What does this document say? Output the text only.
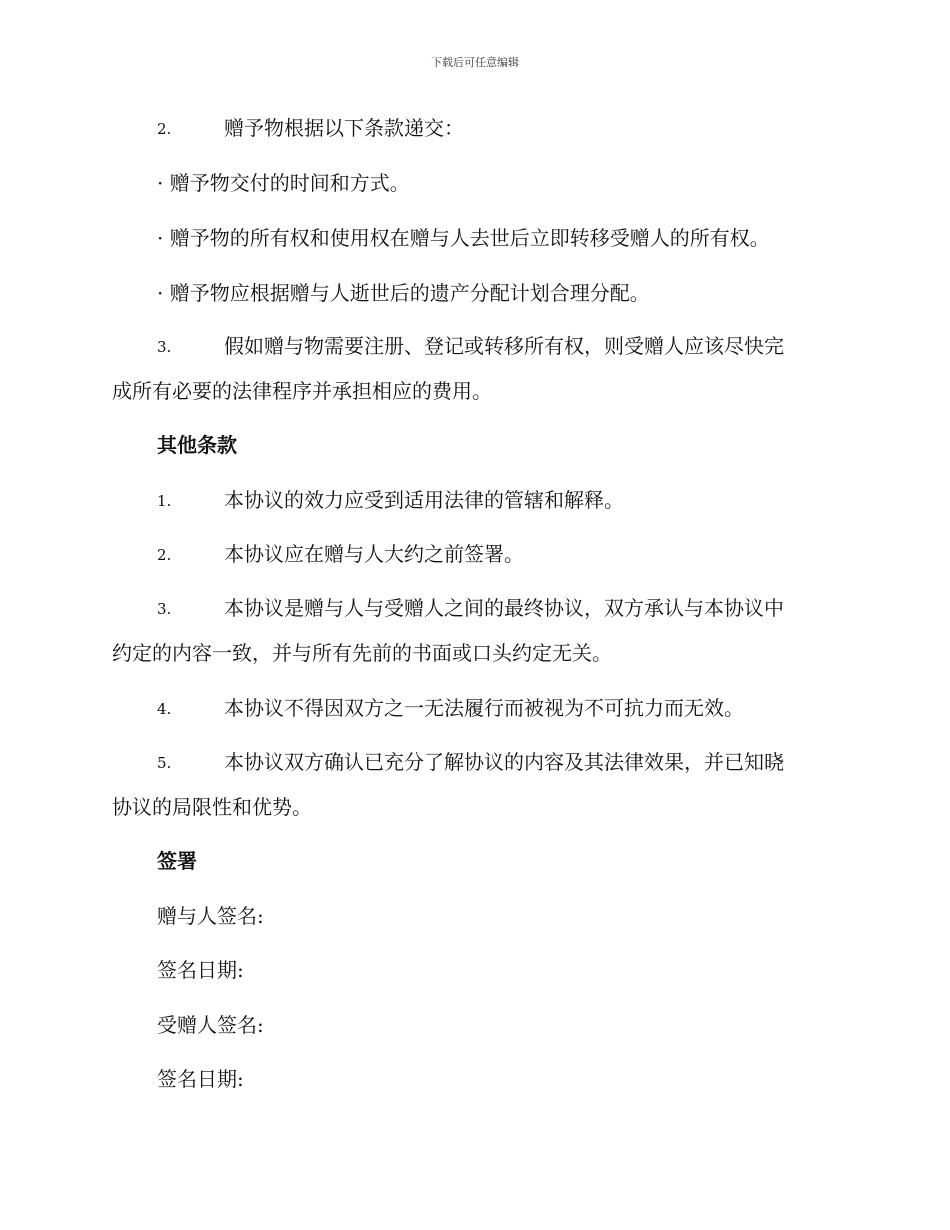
下载后可任意编辑
2.	赠予物根据以下条款递交：
· 赠予物交付的时间和方式。
· 赠予物的所有权和使用权在赠与人去世后立即转移受赠人的所有权。
· 赠予物应根据赠与人逝世后的遗产分配计划合理分配。
3.	假如赠与物需要注册、登记或转移所有权，则受赠人应该尽快完
成所有必要的法律程序并承担相应的费用。
其他条款
1.	本协议的效力应受到适用法律的管辖和解释。
2.	本协议应在赠与人大约之前签署。
3.	本协议是赠与人与受赠人之间的最终协议，双方承认与本协议中
约定的内容一致，并与所有先前的书面或口头约定无关。
4.	本协议不得因双方之一无法履行而被视为不可抗力而无效。
5.	本协议双方确认已充分了解协议的内容及其法律效果，并已知晓
协议的局限性和优势。
签署
赠与人签名:
签名日期:
受赠人签名:
签名日期:
